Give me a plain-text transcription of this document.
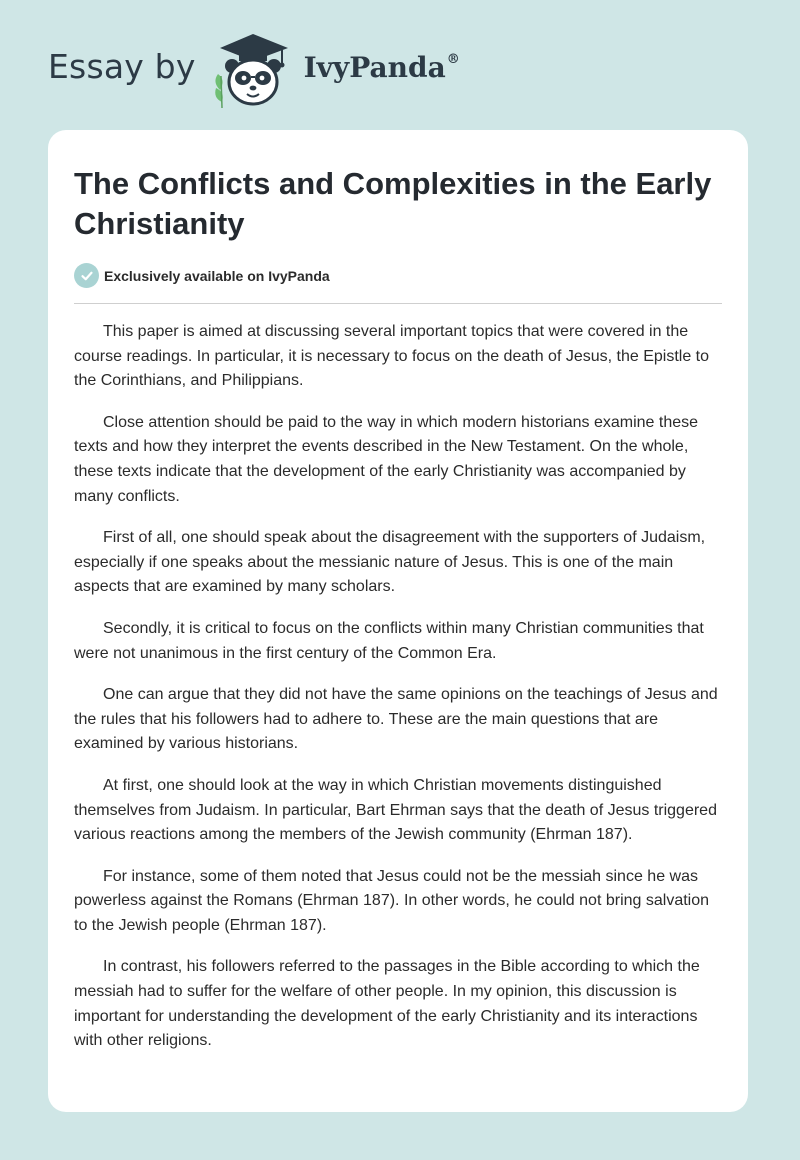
Essay by	IvyPanda®
The Conflicts and Complexities in the Early Christianity
Exclusively available on IvyPanda

This paper is aimed at discussing several important topics that were covered in the course readings. In particular, it is necessary to focus on the death of Jesus, the Epistle to the Corinthians, and Philippians.

Close attention should be paid to the way in which modern historians examine these texts and how they interpret the events described in the New Testament. On the whole, these texts indicate that the development of the early Christianity was accompanied by many conflicts.

First of all, one should speak about the disagreement with the supporters of Judaism, especially if one speaks about the messianic nature of Jesus. This is one of the main aspects that are examined by many scholars.

Secondly, it is critical to focus on the conflicts within many Christian communities that were not unanimous in the first century of the Common Era.

One can argue that they did not have the same opinions on the teachings of Jesus and the rules that his followers had to adhere to. These are the main questions that are examined by various historians.

At first, one should look at the way in which Christian movements distinguished themselves from Judaism. In particular, Bart Ehrman says that the death of Jesus triggered various reactions among the members of the Jewish community (Ehrman 187).

For instance, some of them noted that Jesus could not be the messiah since he was powerless against the Romans (Ehrman 187). In other words, he could not bring salvation to the Jewish people (Ehrman 187).

In contrast, his followers referred to the passages in the Bible according to which the messiah had to suffer for the welfare of other people. In my opinion, this discussion is important for understanding the development of the early Christianity and its interactions with other religions.
